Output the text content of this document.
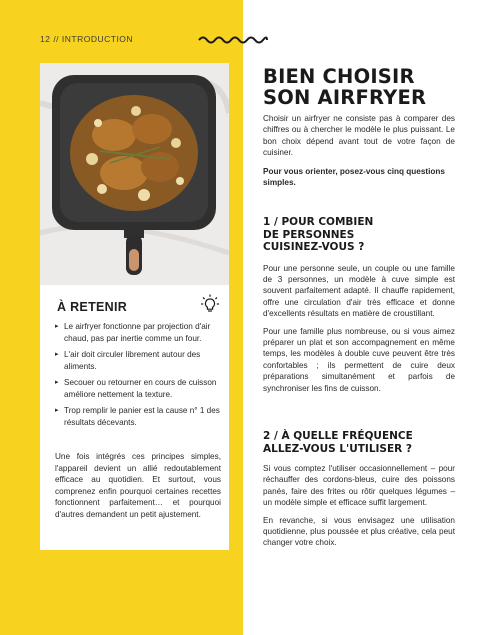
12 // INTRODUCTION
À RETENIR
▸ Le airfryer fonctionne par projection d'air chaud, pas par inertie comme un four.
▸ L'air doit circuler librement autour des aliments.
▸ Secouer ou retourner en cours de cuisson améliore nettement la texture.
▸ Trop remplir le panier est la cause n° 1 des résultats décevants.

Une fois intégrés ces principes simples, l'appareil devient un allié redoutablement efficace au quotidien. Et surtout, vous comprenez enfin pourquoi certaines recettes fonctionnent parfaitement… et pourquoi d'autres demandent un petit ajustement.

BIEN CHOISIR
SON AIRFRYER

Choisir un airfryer ne consiste pas à comparer des chiffres ou à chercher le modèle le plus puissant. Le bon choix dépend avant tout de votre façon de cuisiner.

Pour vous orienter, posez-vous cinq questions simples.

1 / POUR COMBIEN
DE PERSONNES
CUISINEZ-VOUS ?

Pour une personne seule, un couple ou une famille de 3 personnes, un modèle à cuve simple est souvent parfaitement adapté. Il chauffe rapidement, offre une circulation d'air très efficace et donne d'excellents résultats en matière de croustillant.

Pour une famille plus nombreuse, ou si vous aimez préparer un plat et son accompagnement en même temps, les modèles à double cuve peuvent être très confortables ; ils permettent de cuire deux préparations simultanément et parfois de synchroniser les fins de cuisson.

2 / À QUELLE FRÉQUENCE
ALLEZ-VOUS L'UTILISER ?

Si vous comptez l'utiliser occasionnellement – pour réchauffer des cordons-bleus, cuire des poissons panés, faire des frites ou rôtir quelques légumes – un modèle simple et efficace suffit largement.

En revanche, si vous envisagez une utilisation quotidienne, plus poussée et plus créative, cela peut changer votre choix.
